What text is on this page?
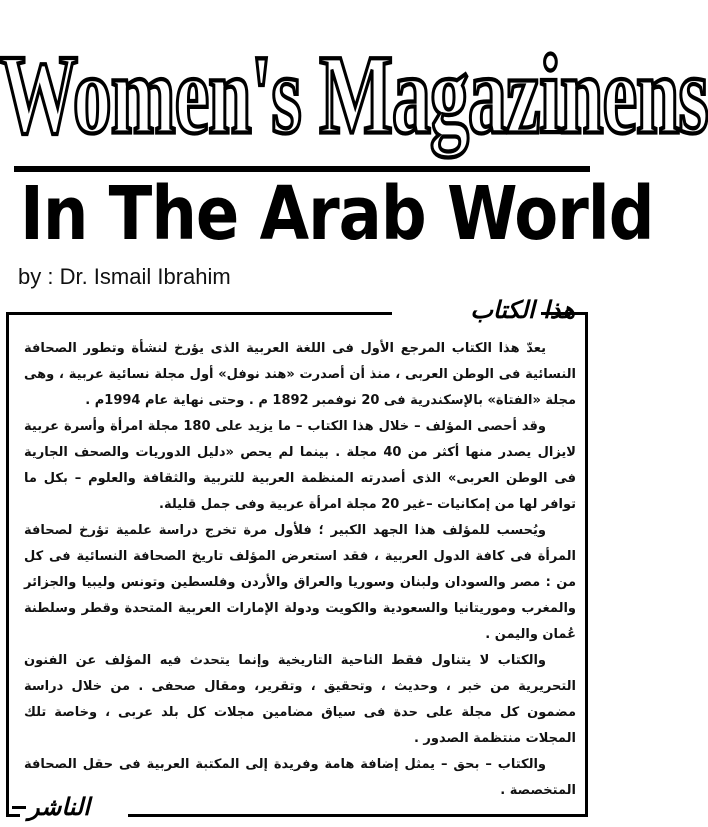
Women's Magazinens
In The Arab World
by : Dr. Ismail Ibrahim
هذا الكتاب

يعدّ هذا الكتاب المرجع الأول فى اللغة العربية الذى يؤرخ لنشأة وتطور الصحافة النسائية فى الوطن العربى ، منذ أن أصدرت «هند نوفل» أول مجلة نسائية عربية ، وهى مجلة «الفتاة» بالإسكندرية فى 20 نوفمبر 1892 م . وحتى نهاية عام 1994م .

وقد أحصى المؤلف – خلال هذا الكتاب – ما يزيد على 180 مجلة امرأة وأسرة عربية لايزال يصدر منها أكثر من 40 مجلة . بينما لم يحص «دليل الدوريات والصحف الجارية فى الوطن العربى» الذى أصدرته المنظمة العربية للتربية والثقافة والعلوم – بكل ما توافر لها من إمكانيات –غير 20 مجلة امرأة عربية وفى جمل قليلة.

ويُحسب للمؤلف هذا الجهد الكبير ؛ فلأول مرة تخرج دراسة علمية تؤرخ لصحافة المرأة فى كافة الدول العربية ، فقد استعرض المؤلف تاريخ الصحافة النسائية فى كل من : مصر والسودان ولبنان وسوريا والعراق والأردن وفلسطين وتونس وليبيا والجزائر والمغرب وموريتانيا والسعودية والكويت ودولة الإمارات العربية المتحدة وقطر وسلطنة عُمان واليمن .

والكتاب لا يتناول فقط الناحية التاريخية وإنما يتحدث فيه المؤلف عن الفنون التحريرية من خبر ، وحديث ، وتحقيق ، وتقرير، ومقال صحفى . من خلال دراسة مضمون كل مجلة على حدة فى سياق مضامين مجلات كل بلد عربى ، وخاصة تلك المجلات منتظمة الصدور .

والكتاب – بحق – يمثل إضافة هامة وفريدة إلى المكتبة العربية فى حقل الصحافة المتخصصة .

الناشر
